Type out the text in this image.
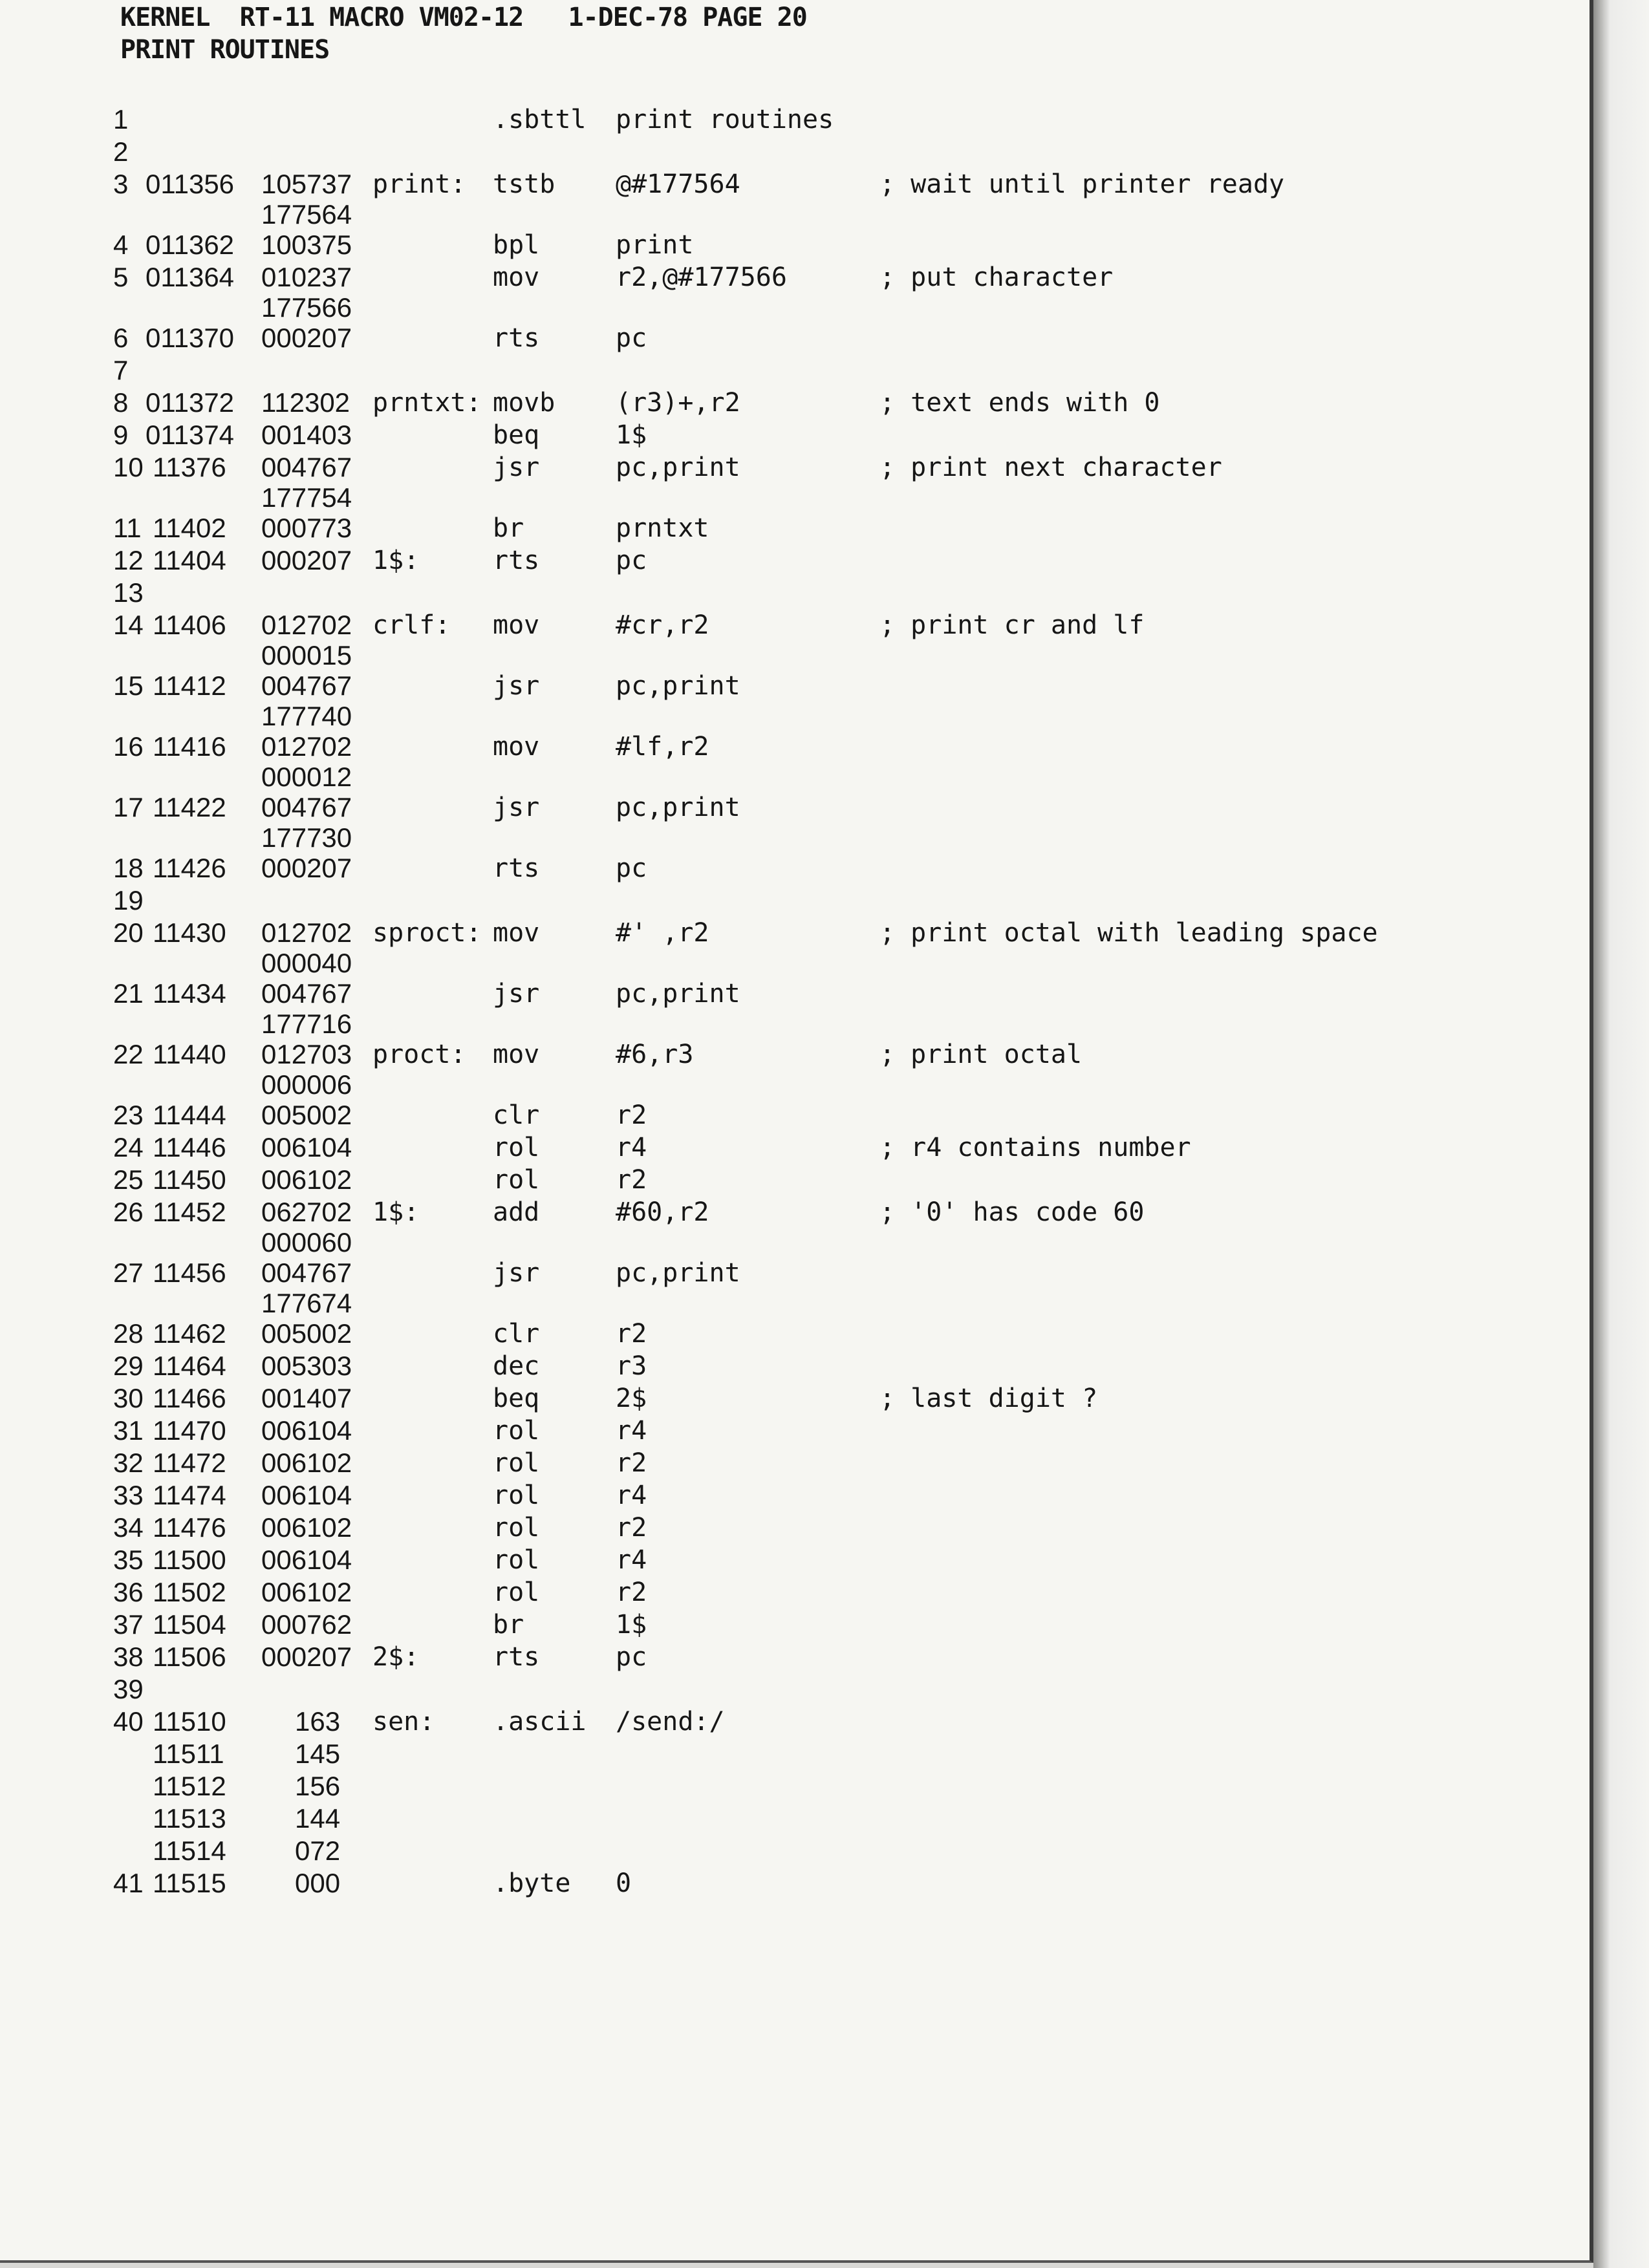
KERNEL  RT-11 MACRO VM02-12   1-DEC-78 PAGE 20
PRINT ROUTINES
1	.sbttl print routines
2
3 011356 105737 print: tstb @#177564	; wait until printer ready
177564
4 011362 100375	bpl	print
5 011364 010237	mov	r2,@#177566	; put character
177566
6 011370 000207	rts	pc
7
8 011372 112302 prntxt: movb (r3)+,r2	; text ends with 0
9 011374 001403	beq	1$
10 11376 004767	jsr	pc,print	; print next character
177754
11 11402 000773	br	prntxt
12 11404 000207 1$:	rts	pc
13
14 11406 012702 crlf: mov	#cr,r2	; print cr and lf
000015
15 11412 004767	jsr	pc,print
177740
16 11416 012702	mov	#lf,r2
000012
17 11422 004767	jsr	pc,print
177730
18 11426 000207	rts	pc
19
20 11430 012702 sproct: mov	#' ,r2	; print octal with leading space
000040
21 11434 004767	jsr	pc,print
177716
22 11440 012703 proct: mov	#6,r3	; print octal
000006
23 11444 005002	clr	r2
24 11446 006104	rol	r4	; r4 contains number
25 11450 006102	rol	r2
26 11452 062702 1$:	add	#60,r2	; '0' has code 60
000060
27 11456 004767	jsr	pc,print
177674
28 11462 005002	clr	r2
29 11464 005303	dec	r3
30 11466 001407	beq	2$	; last digit ?
31 11470 006104	rol	r4
32 11472 006102	rol	r2
33 11474 006104	rol	r4
34 11476 006102	rol	r2
35 11500 006104	rol	r4
36 11502 006102	rol	r2
37 11504 000762	br	1$
38 11506 000207 2$:	rts	pc
39
40 11510	163 sen: .ascii /send:/
11511	145
11512	156
11513	144
11514	072
41 11515	000	.byte 0
